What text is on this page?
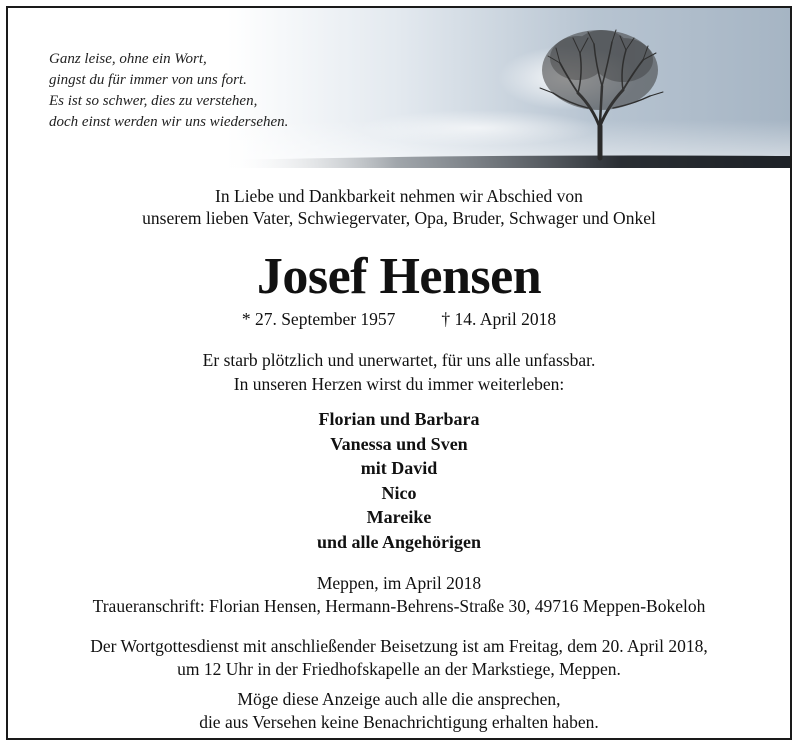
Ganz leise, ohne ein Wort,
gingst du für immer von uns fort.
Es ist so schwer, dies zu verstehen,
doch einst werden wir uns wiedersehen.
In Liebe und Dankbarkeit nehmen wir Abschied von
unserem lieben Vater, Schwiegervater, Opa, Bruder, Schwager und Onkel
Josef Hensen
* 27. September 1957	† 14. April 2018
Er starb plötzlich und unerwartet, für uns alle unfassbar.
In unseren Herzen wirst du immer weiterleben:
Florian und Barbara
Vanessa und Sven
mit David
Nico
Mareike
und alle Angehörigen
Meppen, im April 2018
Traueranschrift: Florian Hensen, Hermann-Behrens-Straße 30, 49716 Meppen-Bokeloh
Der Wortgottesdienst mit anschließender Beisetzung ist am Freitag, dem 20. April 2018,
um 12 Uhr in der Friedhofskapelle an der Markstiege, Meppen.
Möge diese Anzeige auch alle die ansprechen,
die aus Versehen keine Benachrichtigung erhalten haben.
